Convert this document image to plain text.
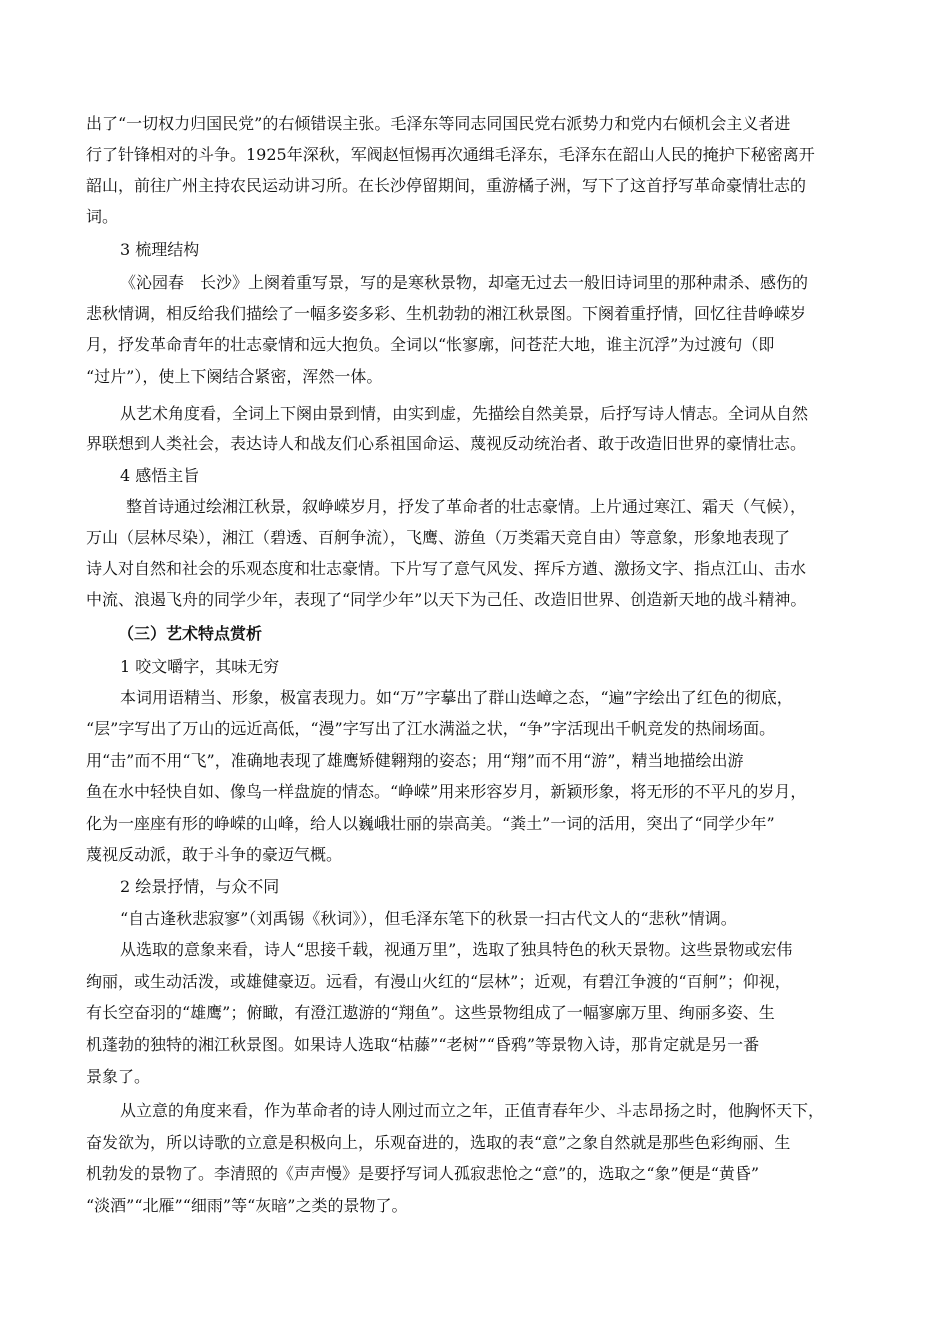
出了“一切权力归国民党”的右倾错误主张。毛泽东等同志同国民党右派势力和党内右倾机会主义者进
行了针锋相对的斗争。1925年深秋，军阀赵恒惕再次通缉毛泽东，毛泽东在韶山人民的掩护下秘密离开
韶山，前往广州主持农民运动讲习所。在长沙停留期间，重游橘子洲，写下了这首抒写革命豪情壮志的
词。
3 梳理结构
《沁园春　长沙》上阕着重写景，写的是寒秋景物，却毫无过去一般旧诗词里的那种肃杀、感伤的
悲秋情调，相反给我们描绘了一幅多姿多彩、生机勃勃的湘江秋景图。下阕着重抒情，回忆往昔峥嵘岁
月，抒发革命青年的壮志豪情和远大抱负。全词以“怅寥廓，问苍茫大地，谁主沉浮”为过渡句（即
“过片”），使上下阕结合紧密，浑然一体。
从艺术角度看，全词上下阕由景到情，由实到虚，先描绘自然美景，后抒写诗人情志。全词从自然
界联想到人类社会，表达诗人和战友们心系祖国命运、蔑视反动统治者、敢于改造旧世界的豪情壮志。
4 感悟主旨
整首诗通过绘湘江秋景，叙峥嵘岁月，抒发了革命者的壮志豪情。上片通过寒江、霜天（气候），
万山（层林尽染），湘江（碧透、百舸争流），飞鹰、游鱼（万类霜天竞自由）等意象，形象地表现了
诗人对自然和社会的乐观态度和壮志豪情。下片写了意气风发、挥斥方遒、激扬文字、指点江山、击水
中流、浪遏飞舟的同学少年，表现了“同学少年”以天下为己任、改造旧世界、创造新天地的战斗精神。
（三）艺术特点赏析
1 咬文嚼字，其味无穷
本词用语精当、形象，极富表现力。如“万”字摹出了群山迭嶂之态，“遍”字绘出了红色的彻底，
“层”字写出了万山的远近高低，“漫”字写出了江水满溢之状，“争”字活现出千帆竞发的热闹场面。
用“击”而不用“飞”，准确地表现了雄鹰矫健翱翔的姿态；用“翔”而不用“游”，精当地描绘出游
鱼在水中轻快自如、像鸟一样盘旋的情态。“峥嵘”用来形容岁月，新颖形象，将无形的不平凡的岁月，
化为一座座有形的峥嵘的山峰，给人以巍峨壮丽的崇高美。“粪土”一词的活用，突出了“同学少年”
蔑视反动派，敢于斗争的豪迈气概。
2 绘景抒情，与众不同
“自古逢秋悲寂寥”（刘禹锡《秋词》），但毛泽东笔下的秋景一扫古代文人的“悲秋”情调。
从选取的意象来看，诗人“思接千载，视通万里”，选取了独具特色的秋天景物。这些景物或宏伟
绚丽，或生动活泼，或雄健豪迈。远看，有漫山火红的“层林”；近观，有碧江争渡的“百舸”；仰视，
有长空奋羽的“雄鹰”；俯瞰，有澄江遨游的“翔鱼”。这些景物组成了一幅寥廓万里、绚丽多姿、生
机蓬勃的独特的湘江秋景图。如果诗人选取“枯藤”“老树”“昏鸦”等景物入诗，那肯定就是另一番
景象了。
从立意的角度来看，作为革命者的诗人刚过而立之年，正值青春年少、斗志昂扬之时，他胸怀天下，
奋发欲为，所以诗歌的立意是积极向上，乐观奋进的，选取的表“意”之象自然就是那些色彩绚丽、生
机勃发的景物了。李清照的《声声慢》是要抒写词人孤寂悲怆之“意”的，选取之“象”便是“黄昏”
“淡酒”“北雁”“细雨”等“灰暗”之类的景物了。
